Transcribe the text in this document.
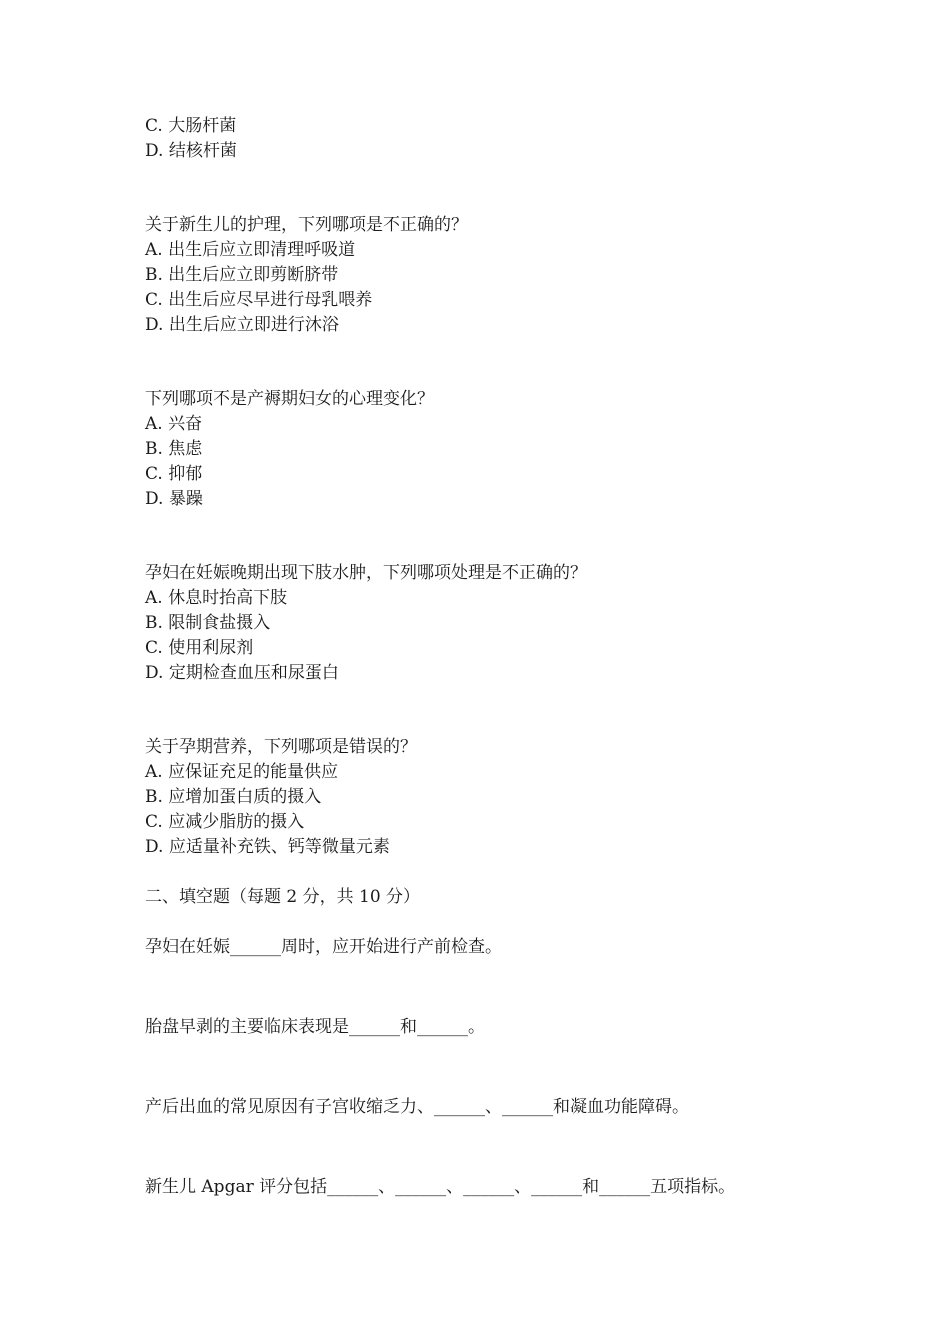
C. 大肠杆菌
D. 结核杆菌
关于新生儿的护理，下列哪项是不正确的？
A. 出生后应立即清理呼吸道
B. 出生后应立即剪断脐带
C. 出生后应尽早进行母乳喂养
D. 出生后应立即进行沐浴
下列哪项不是产褥期妇女的心理变化？
A. 兴奋
B. 焦虑
C. 抑郁
D. 暴躁
孕妇在妊娠晚期出现下肢水肿，下列哪项处理是不正确的？
A. 休息时抬高下肢
B. 限制食盐摄入
C. 使用利尿剂
D. 定期检查血压和尿蛋白
关于孕期营养，下列哪项是错误的？
A. 应保证充足的能量供应
B. 应增加蛋白质的摄入
C. 应减少脂肪的摄入
D. 应适量补充铁、钙等微量元素
二、填空题（每题 2 分，共 10 分）
孕妇在妊娠______周时，应开始进行产前检查。
胎盘早剥的主要临床表现是______和______。
产后出血的常见原因有子宫收缩乏力、______、______和凝血功能障碍。
新生儿 Apgar 评分包括______、______、______、______和______五项指标。
